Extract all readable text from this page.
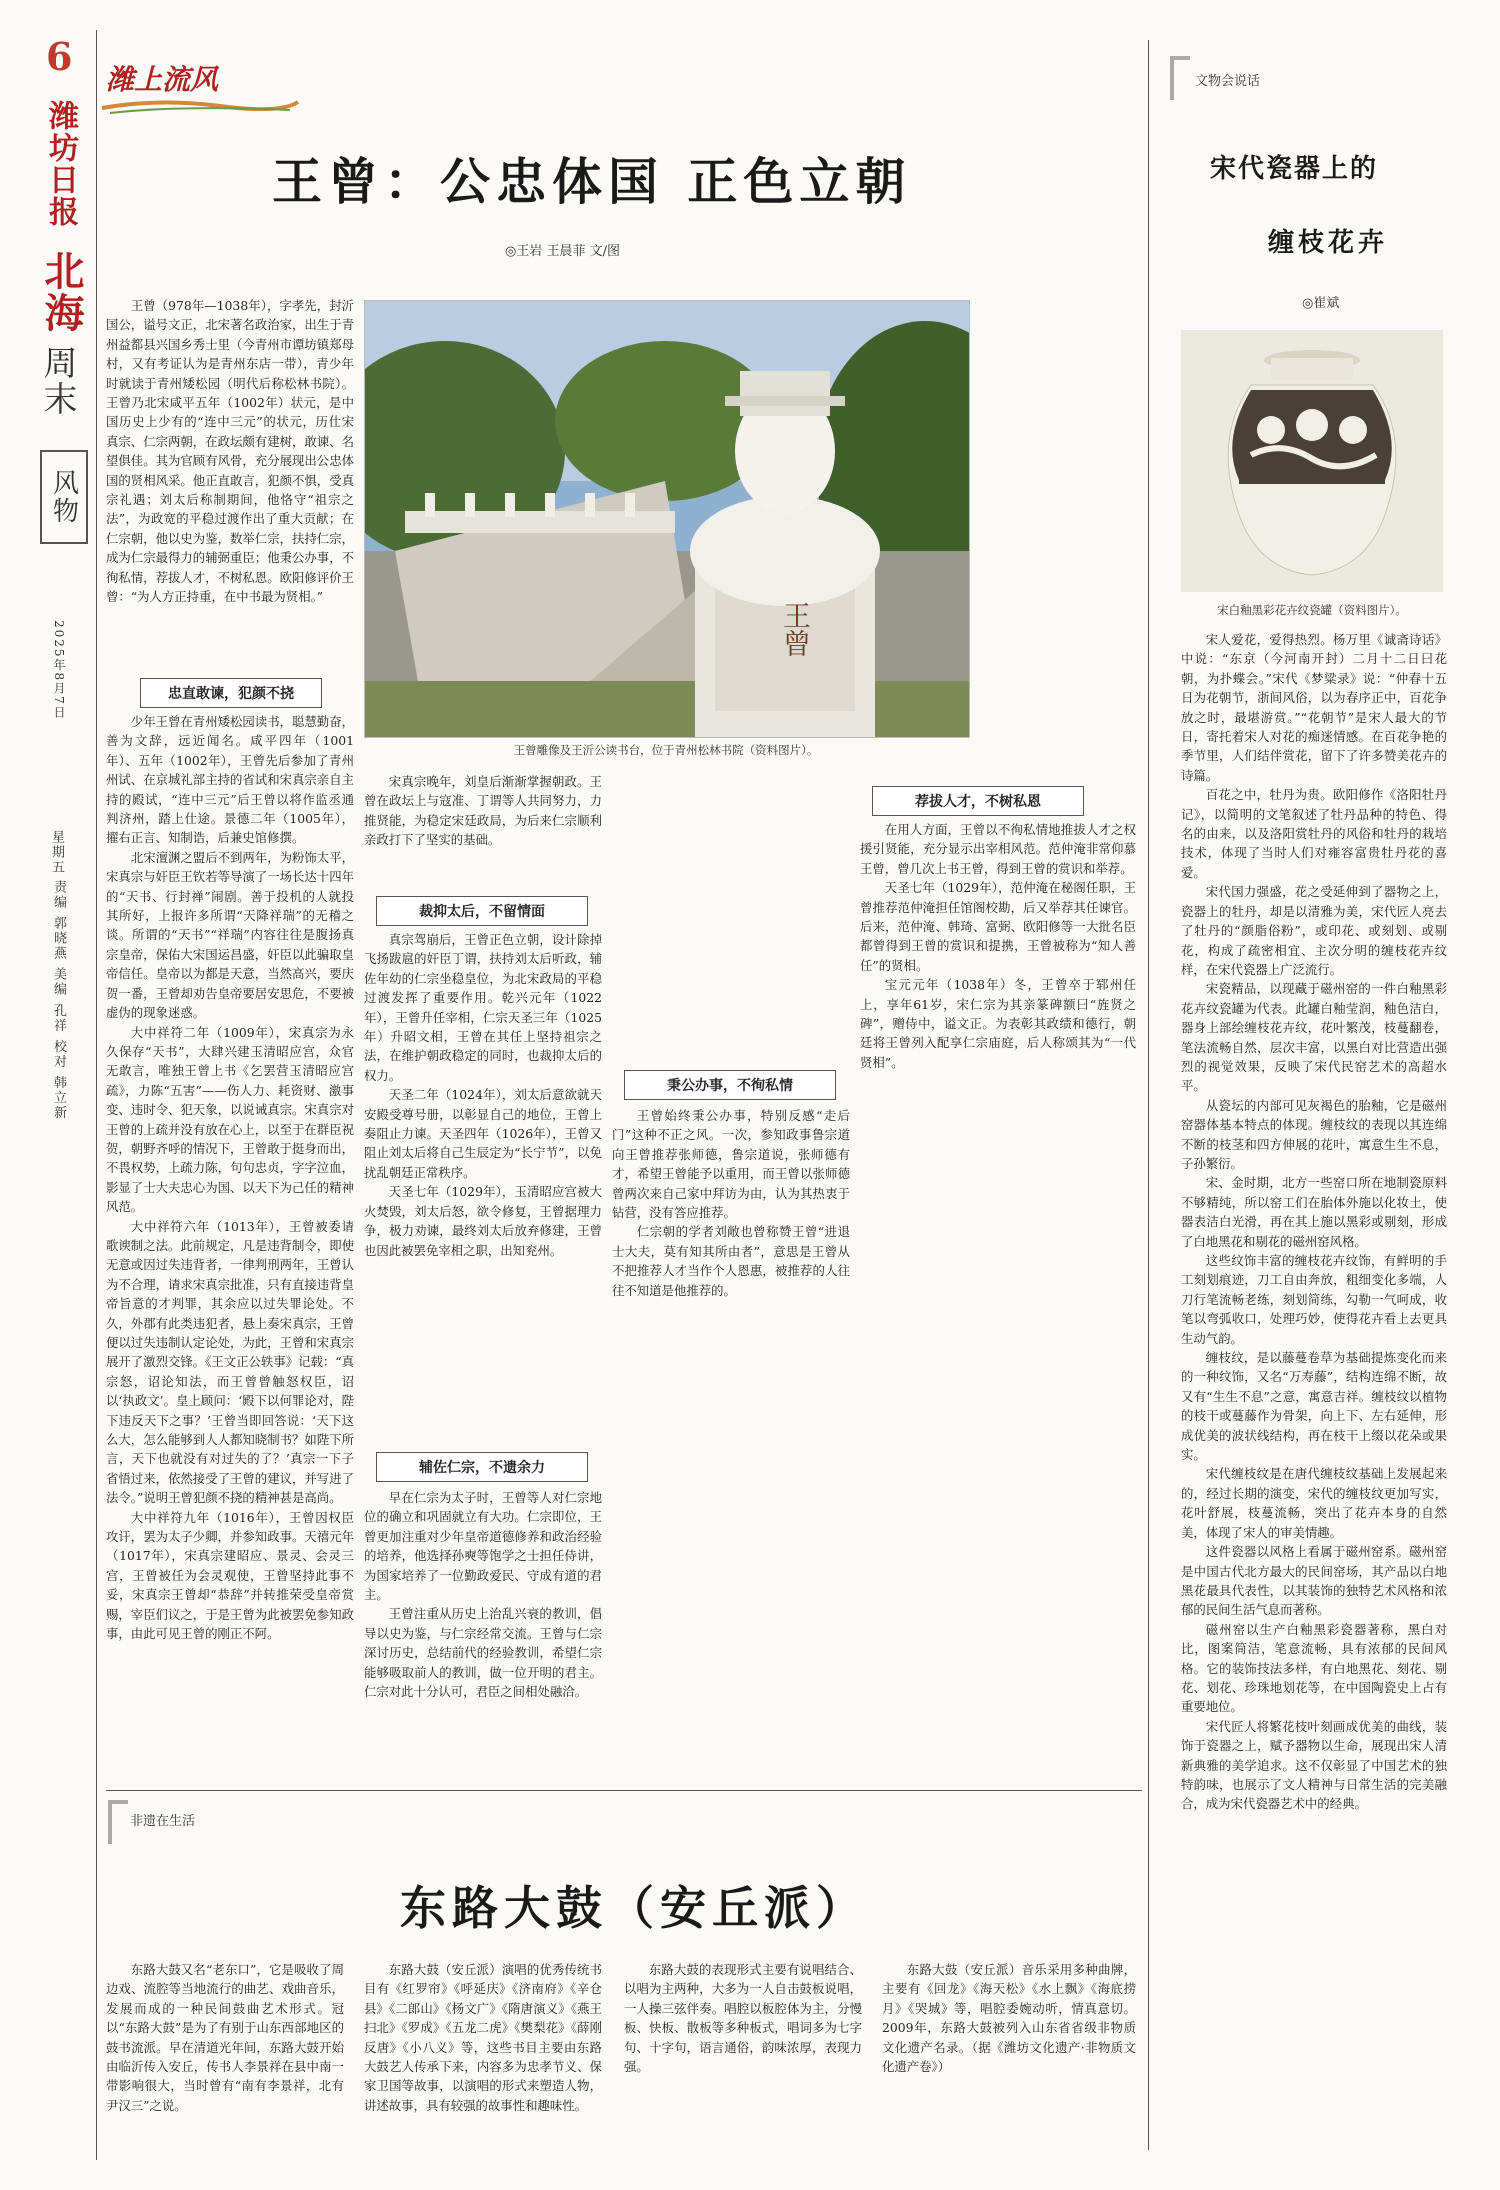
6
潍坊日报
北海
周末
风物
2025年8月7日
星期五
责编 郭晓燕 美编 孔祥 校对 韩立新
潍上流风
王曾：公忠体国 正色立朝
◎王岩 王晨菲 文/图

王曾（978年—1038年），字孝先，封沂国公，谥号文正，北宋著名政治家，出生于青州益都县兴国乡秀士里（今青州市谭坊镇郑母村，又有考证认为是青州东店一带），青少年时就读于青州矮松园（明代后称松林书院）。王曾乃北宋咸平五年（1002年）状元，是中国历史上少有的“连中三元”的状元，历仕宋真宗、仁宗两朝，在政坛颇有建树，敢谏、名望俱佳。其为官顾有风骨，充分展现出公忠体国的贤相风采。他正直敢言，犯颜不惧，受真宗礼遇；刘太后称制期间，他恪守“祖宗之法”，为政宽的平稳过渡作出了重大贡献；在仁宗朝，他以史为鉴，数举仁宗，扶持仁宗，成为仁宗最得力的辅弼重臣；他秉公办事，不徇私情，荐拔人才，不树私恩。欧阳修评价王曾：“为人方正持重，在中书最为贤相。”

王曾
王曾雕像及王沂公读书台，位于青州松林书院（资料图片）。
忠直敢谏，犯颜不挠

少年王曾在青州矮松园读书，聪慧勤奋，善为文辞，远近闻名。咸平四年（1001年）、五年（1002年），王曾先后参加了青州州试、在京城礼部主持的省试和宋真宗亲自主持的殿试，“连中三元”后王曾以将作监丞通判济州，踏上仕途。景德二年（1005年），擢右正言、知制诰，后兼史馆修撰。

北宋澶渊之盟后不到两年，为粉饰太平，宋真宗与奸臣王钦若等导演了一场长达十四年的“天书、行封禅”闹剧。善于投机的人就投其所好，上报许多所谓“天降祥瑞”的无稽之谈。所谓的“天书”“祥瑞”内容往往是腹扬真宗皇帝，保佑大宋国运昌盛，奸臣以此骗取皇帝信任。皇帝以为都是天意，当然高兴，要庆贺一番，王曾却劝告皇帝要居安思危，不要被虚伪的现象迷惑。

大中祥符二年（1009年），宋真宗为永久保存“天书”，大肆兴建玉清昭应宫，众官无敢言，唯独王曾上书《乞罢营玉清昭应宫疏》，力陈“五害”——伤人力、耗资财、激事变、违时令、犯天象，以说诫真宗。宋真宗对王曾的上疏并没有放在心上，以至于在群臣祝贺，朝野齐呼的情况下，王曾敢于挺身而出，不畏权势，上疏力陈，句句忠贞，字字泣血，影显了士大夫忠心为国、以天下为己任的精神风范。

大中祥符六年（1013年），王曾被委请歌谀制之法。此前规定，凡是违背制令，即使无意或因过失违背者，一律判刑两年，王曾认为不合理，请求宋真宗批准，只有直接违背皇帝旨意的才判罪，其余应以过失罪论处。不久，外郡有此类违犯者，悬上奏宋真宗，王曾便以过失违制认定论处，为此，王曾和宋真宗展开了激烈交锋。《王文正公轶事》记载：“真宗怒，诏论知法，而王曾曾触怒权臣，诏以‘执政文’。皇上顾问：‘殿下以何罪论对，陛下违反天下之事？’王曾当即回答说：‘天下这么大，怎么能够到人人都知晓制书？如陛下所言，天下也就没有对过失的了？’真宗一下子省悟过来，依然接受了王曾的建议，并写进了法令。”说明王曾犯颜不挠的精神甚是高尚。

大中祥符九年（1016年），王曾因权臣攻讦，罢为太子少卿，并参知政事。天禧元年（1017年），宋真宗建昭应、景灵、会灵三宫，王曾被任为会灵观使，王曾坚持此事不妥，宋真宗王曾却“恭辞”并转推荣受皇帝赏赐，宰臣们议之，于是王曾为此被罢免参知政事，由此可见王曾的刚正不阿。

宋真宗晚年，刘皇后渐渐掌握朝政。王曾在政坛上与寇准、丁谓等人共同努力，力推贤能，为稳定宋廷政局，为后来仁宗顺利亲政打下了坚实的基础。

裁抑太后，不留情面

真宗驾崩后，王曾正色立朝，设计除掉飞扬跋扈的奸臣丁谓，扶持刘太后听政，辅佐年幼的仁宗坐稳皇位，为北宋政局的平稳过渡发挥了重要作用。乾兴元年（1022年），王曾升任宰相，仁宗天圣三年（1025年）升昭文相，王曾在其任上坚持祖宗之法，在维护朝政稳定的同时，也裁抑太后的权力。

天圣二年（1024年），刘太后意欲就天安殿受尊号册，以彰显自己的地位，王曾上奏阻止力谏。天圣四年（1026年），王曾又阻止刘太后将自己生辰定为“长宁节”，以免扰乱朝廷正常秩序。

天圣七年（1029年），玉清昭应宫被大火焚毁，刘太后怒，欲令修复，王曾据理力争，极力劝谏，最终刘太后放弃修建，王曾也因此被罢免宰相之职，出知兖州。

辅佐仁宗，不遗余力

早在仁宗为太子时，王曾等人对仁宗地位的确立和巩固就立有大功。仁宗即位，王曾更加注重对少年皇帝道德修养和政治经验的培养，他选择孙奭等饱学之士担任侍讲，为国家培养了一位勤政爱民、守成有道的君主。

王曾注重从历史上治乱兴衰的教训，倡导以史为鉴，与仁宗经常交流。王曾与仁宗深讨历史，总结前代的经验教训，希望仁宗能够吸取前人的教训，做一位开明的君主。仁宗对此十分认可，君臣之间相处融洽。

秉公办事，不徇私情

王曾始终秉公办事，特别反感“走后门”这种不正之风。一次，参知政事鲁宗道向王曾推荐张师德，鲁宗道说，张师德有才，希望王曾能予以重用，而王曾以张师德曾两次来自己家中拜访为由，认为其热衷于钻营，没有答应推荐。

仁宗朝的学者刘敞也曾称赞王曾“进退士大夫，莫有知其所由者”，意思是王曾从不把推荐人才当作个人恩惠，被推荐的人往往不知道是他推荐的。

荐拔人才，不树私恩

在用人方面，王曾以不徇私情地推拔人才之权援引贤能，充分显示出宰相风范。范仲淹非常仰慕王曾，曾几次上书王曾，得到王曾的赏识和举荐。

天圣七年（1029年），范仲淹在秘阁任职，王曾推荐范仲淹担任馆阁校勘，后又举荐其任谏官。后来，范仲淹、韩琦、富弼、欧阳修等一大批名臣都曾得到王曾的赏识和提携，王曾被称为“知人善任”的贤相。

宝元元年（1038年）冬，王曾卒于郓州任上，享年61岁，宋仁宗为其亲篆碑额曰“旌贤之碑”，赠侍中，谥文正。为表彰其政绩和德行，朝廷将王曾列入配享仁宗庙庭，后人称颂其为“一代贤相”。

文物会说话
宋代瓷器上的
缠枝花卉
◎崔斌
宋白釉黑彩花卉纹瓷罐（资料图片）。

宋人爱花，爱得热烈。杨万里《诚斋诗话》中说：“东京（今河南开封）二月十二日曰花朝，为扑蝶会。”宋代《梦粱录》说：“仲春十五日为花朝节，浙间风俗，以为春序正中，百花争放之时，最堪游赏。”“花朝节”是宋人最大的节日，寄托着宋人对花的痴迷情感。在百花争艳的季节里，人们结伴赏花，留下了许多赞美花卉的诗篇。

百花之中，牡丹为贵。欧阳修作《洛阳牡丹记》，以简明的文笔叙述了牡丹品种的特色、得名的由来，以及洛阳赏牡丹的风俗和牡丹的栽培技术，体现了当时人们对雍容富贵牡丹花的喜爱。

宋代国力强盛，花之受延伸到了器物之上，瓷器上的牡丹，却是以清雅为美，宋代匠人亮去了牡丹的“颜脂俗粉”，或印花、或刻划、或剔花，构成了疏密相宜、主次分明的缠枝花卉纹样，在宋代瓷器上广泛流行。

宋瓷精品，以现藏于磁州窑的一件白釉黑彩花卉纹瓷罐为代表。此罐白釉莹润，釉色洁白，器身上部绘缠枝花卉纹，花叶繁茂，枝蔓翻卷，笔法流畅自然，层次丰富，以黑白对比营造出强烈的视觉效果，反映了宋代民窑艺术的高超水平。

从瓷坛的内部可见灰褐色的胎釉，它是磁州窑器体基本特点的体现。缠枝纹的表现以其连绵不断的枝茎和四方伸展的花叶，寓意生生不息，子孙繁衍。

宋、金时期，北方一些窑口所在地制瓷原料不够精纯，所以窑工们在胎体外施以化妆土，使器表洁白光滑，再在其上施以黑彩或剔刻，形成了白地黑花和剔花的磁州窑风格。

这些纹饰丰富的缠枝花卉纹饰，有鲜明的手工刻划痕迹，刀工自由奔放，粗细变化多端，人刀行笔流畅老练，刻划简练，勾勒一气呵成，收笔以弯弧收口，处理巧妙，使得花卉看上去更具生动气韵。

缠枝纹，是以藤蔓卷草为基础提炼变化而来的一种纹饰，又名“万寿藤”，结构连绵不断，故又有“生生不息”之意，寓意吉祥。缠枝纹以植物的枝干或蔓藤作为骨架，向上下、左右延伸，形成优美的波状线结构，再在枝干上缀以花朵或果实。

宋代缠枝纹是在唐代缠枝纹基础上发展起来的，经过长期的演变，宋代的缠枝纹更加写实，花叶舒展，枝蔓流畅，突出了花卉本身的自然美，体现了宋人的审美情趣。

这件瓷器以风格上看属于磁州窑系。磁州窑是中国古代北方最大的民间窑场，其产品以白地黑花最具代表性，以其装饰的独特艺术风格和浓郁的民间生活气息而著称。

磁州窑以生产白釉黑彩瓷器著称，黑白对比，图案简洁，笔意流畅，具有浓郁的民间风格。它的装饰技法多样，有白地黑花、刻花、剔花、划花、珍珠地划花等，在中国陶瓷史上占有重要地位。

宋代匠人将繁花枝叶刻画成优美的曲线，装饰于瓷器之上，赋予器物以生命，展现出宋人清新典雅的美学追求。这不仅彰显了中国艺术的独特韵味，也展示了文人精神与日常生活的完美融合，成为宋代瓷器艺术中的经典。

非遗在生活
东路大鼓（安丘派）

东路大鼓又名“老东口”，它是吸收了周边戏、流腔等当地流行的曲艺、戏曲音乐，发展而成的一种民间鼓曲艺术形式。冠以“东路大鼓”是为了有别于山东西部地区的鼓书流派。早在清道光年间，东路大鼓开始由临沂传入安丘，传书人李景祥在县中南一带影响很大，当时曾有“南有李景祥，北有尹汉三”之说。

东路大鼓（安丘派）演唱的优秀传统书目有《红罗帘》《呼延庆》《济南府》《辛仓县》《二郎山》《杨文广》《隋唐演义》《燕王扫北》《罗成》《五龙二虎》《樊梨花》《薛刚反唐》《小八义》等，这些书目主要由东路大鼓艺人传承下来，内容多为忠孝节义、保家卫国等故事，以演唱的形式来塑造人物，讲述故事，具有较强的故事性和趣味性。

东路大鼓的表现形式主要有说唱结合、以唱为主两种，大多为一人自击鼓板说唱，一人操三弦伴奏。唱腔以板腔体为主，分慢板、快板、散板等多种板式，唱词多为七字句、十字句，语言通俗，韵味浓厚，表现力强。

东路大鼓（安丘派）音乐采用多种曲牌，主要有《回龙》《海天松》《水上飘》《海底捞月》《哭城》等，唱腔委婉动听，情真意切。2009年，东路大鼓被列入山东省省级非物质文化遗产名录。（据《潍坊文化遗产·非物质文化遗产卷》）
